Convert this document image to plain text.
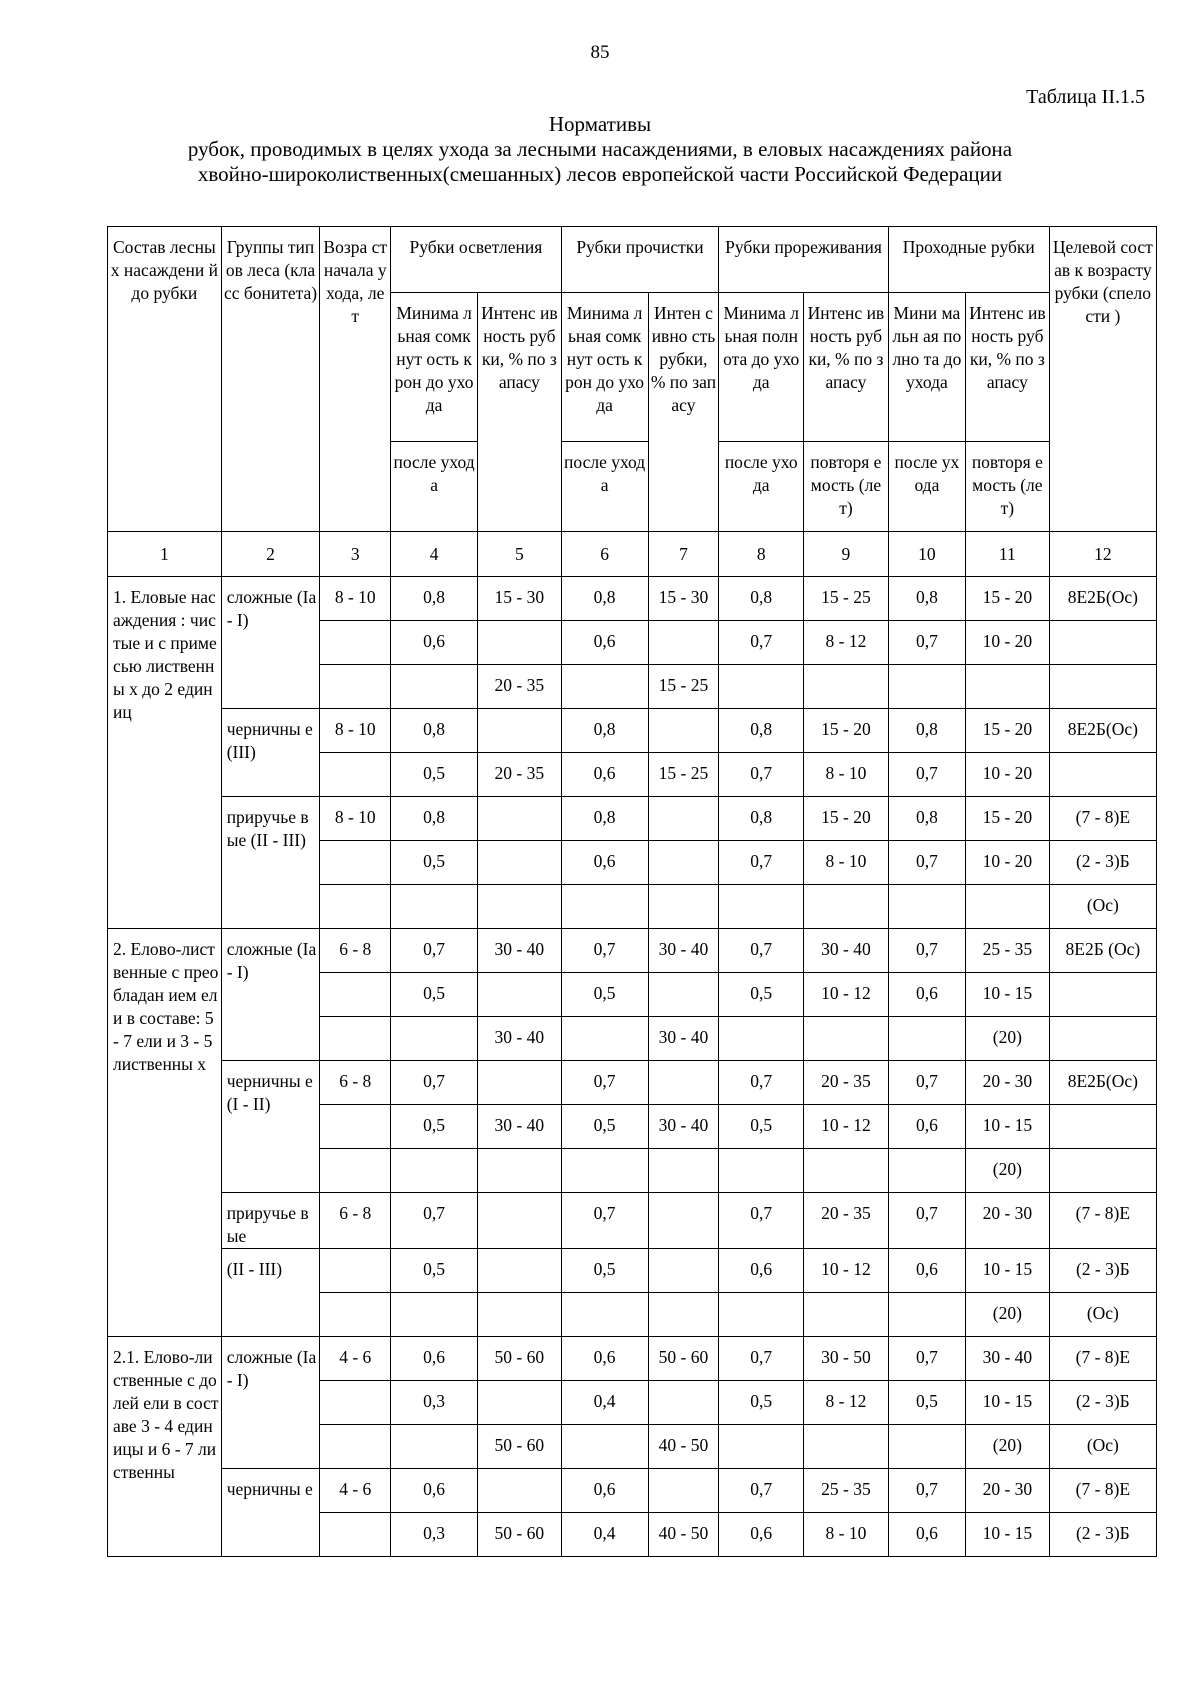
85
Таблица II.1.5
Нормативы
рубок, проводимых в целях ухода за лесными насаждениями, в еловых насаждениях района
хвойно-широколиственных(смешанных) лесов европейской части Российской Федерации
Состав лесных насаждени й до рубки	Группы типов леса (класс бонитета)	Возра ст начала ухода, лет	Рубки осветления		Рубки прочистки		Рубки прореживания		Проходные рубки		Целевой состав к возрасту рубки (спелости )
			Минима льная сомкнут ость крон до ухода	Интенс ивность рубки, % по запасу	Минима льная сомкнут ость крон до ухода	Интен сивно сть рубки, % по запасу	Минима льная полнота до ухода	Интенс ивность рубки, % по запасу	Мини мальн ая полно та до ухода	Интенс ивность рубки, % по запасу	
			после ухода		после ухода		после ухода	повторя емость (лет)	после ухода	повторя емость (лет)	
1	2	3	4	5	6	7	8	9	10	11	12
1. Еловые насаждения : чистые и с примесью лиственны х до 2 единиц	сложные (Ia - I)	8 - 10	0,8	15 - 30	0,8	15 - 30	0,8	15 - 25	0,8	15 - 20	8Е2Б(Ос)
			0,6		0,6		0,7	8 - 12	0,7	10 - 20	
				20 - 35		15 - 25					
	черничны е (III)	8 - 10	0,8		0,8		0,8	15 - 20	0,8	15 - 20	8Е2Б(Ос)
			0,5	20 - 35	0,6	15 - 25	0,7	8 - 10	0,7	10 - 20	
	приручье вые (II - III)	8 - 10	0,8		0,8		0,8	15 - 20	0,8	15 - 20	(7 - 8)Е
			0,5		0,6		0,7	8 - 10	0,7	10 - 20	(2 - 3)Б
											(Ос)
2. Елово-лиственные с преобладан ием ели в составе: 5 - 7 ели и 3 - 5 лиственны х	сложные (Ia - I)	6 - 8	0,7	30 - 40	0,7	30 - 40	0,7	30 - 40	0,7	25 - 35	8Е2Б (Ос)
			0,5		0,5		0,5	10 - 12	0,6	10 - 15	
				30 - 40		30 - 40				(20)	
	черничны е (I - II)	6 - 8	0,7		0,7		0,7	20 - 35	0,7	20 - 30	8Е2Б(Ос)
			0,5	30 - 40	0,5	30 - 40	0,5	10 - 12	0,6	10 - 15	
										(20)	
	приручье вые	6 - 8	0,7		0,7		0,7	20 - 35	0,7	20 - 30	(7 - 8)Е
	(II - III)		0,5		0,5		0,6	10 - 12	0,6	10 - 15	(2 - 3)Б
										(20)	(Ос)
2.1. Елово-лиственные с долей ели в составе 3 - 4 единицы и 6 - 7 лиственны	сложные (Ia - I)	4 - 6	0,6	50 - 60	0,6	50 - 60	0,7	30 - 50	0,7	30 - 40	(7 - 8)Е
			0,3		0,4		0,5	8 - 12	0,5	10 - 15	(2 - 3)Б
				50 - 60		40 - 50				(20)	(Ос)
	черничны е	4 - 6	0,6		0,6		0,7	25 - 35	0,7	20 - 30	(7 - 8)Е
			0,3	50 - 60	0,4	40 - 50	0,6	8 - 10	0,6	10 - 15	(2 - 3)Б
